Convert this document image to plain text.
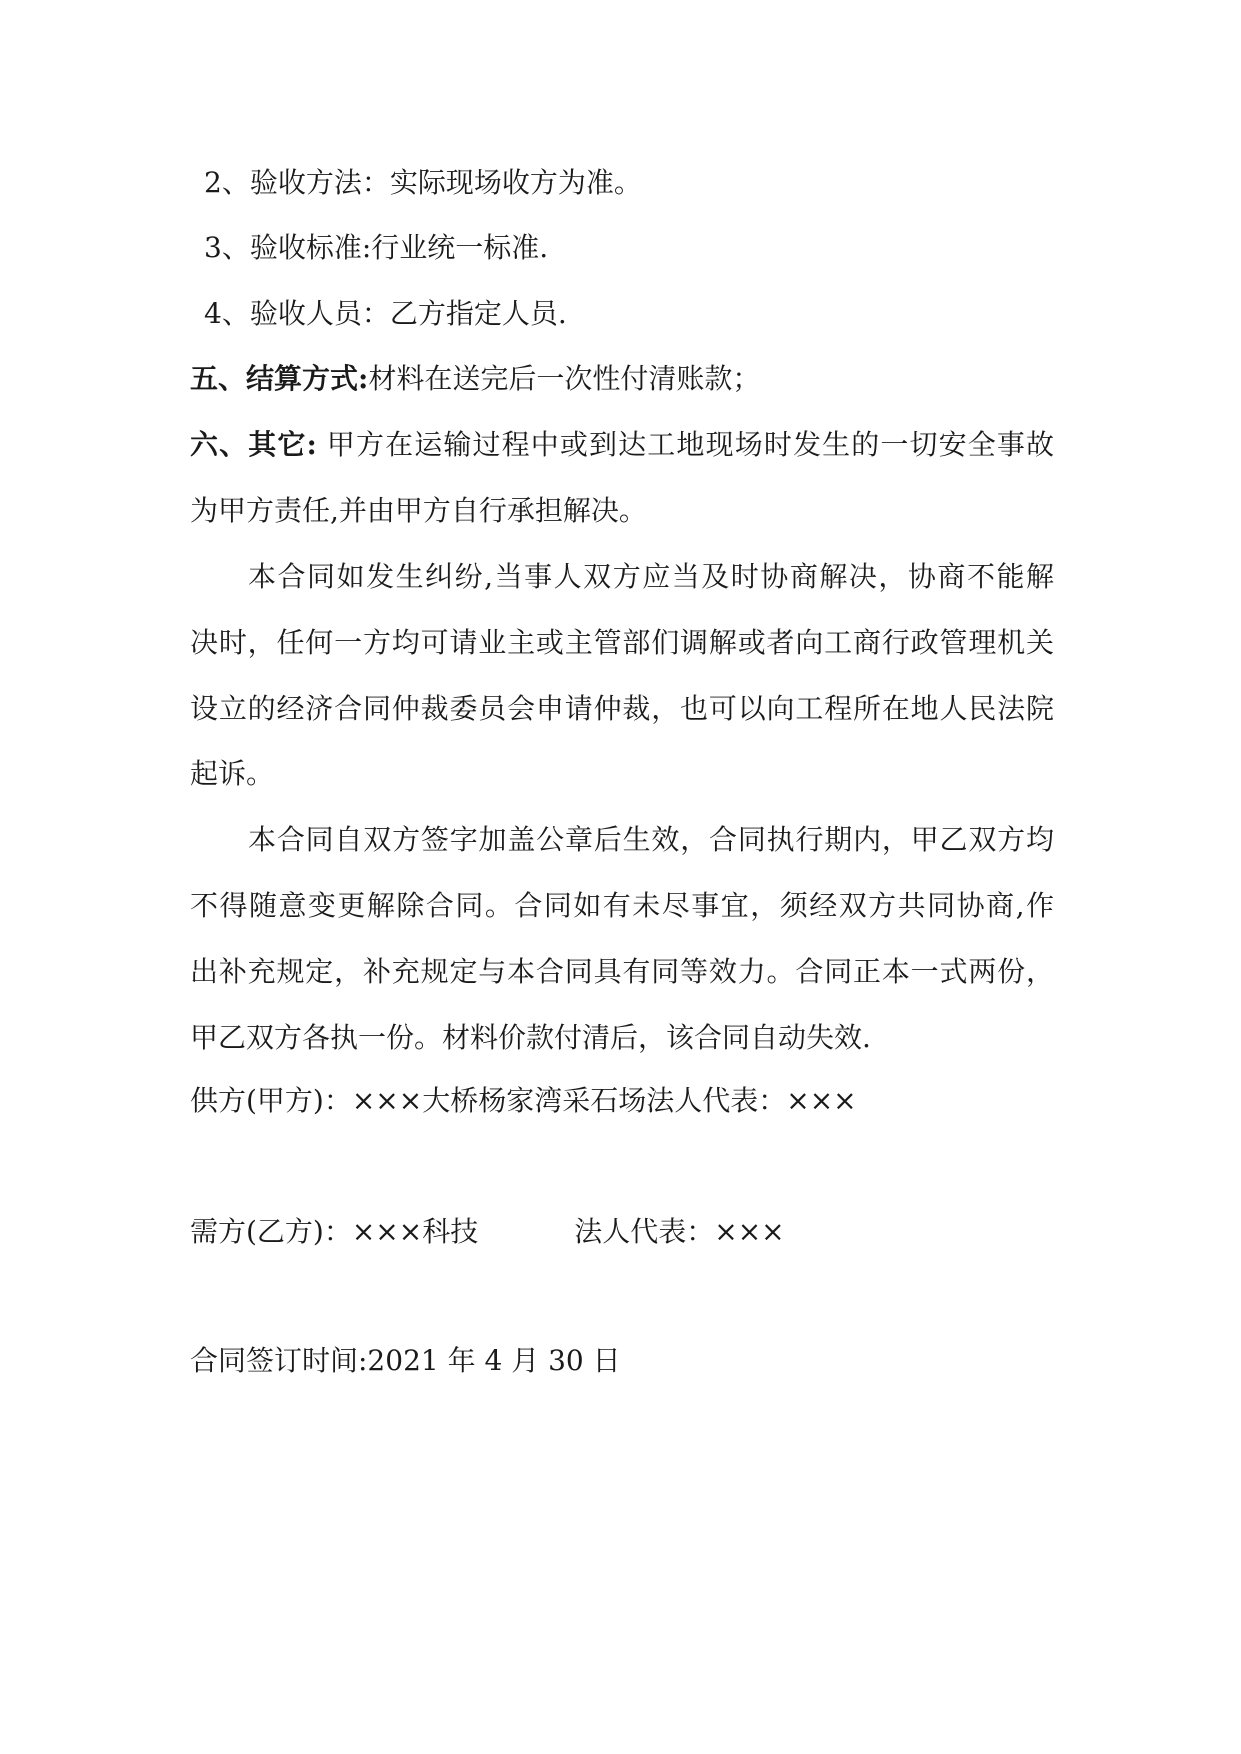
2、验收方法：实际现场收方为准。
3、验收标准:行业统一标准.
4、验收人员：乙方指定人员.
五、结算方式:材料在送完后一次性付清账款；
六、其它: 甲方在运输过程中或到达工地现场时发生的一切安全事故
为甲方责任,并由甲方自行承担解决。
本合同如发生纠纷,当事人双方应当及时协商解决，协商不能解
决时，任何一方均可请业主或主管部们调解或者向工商行政管理机关
设立的经济合同仲裁委员会申请仲裁，也可以向工程所在地人民法院
起诉。
本合同自双方签字加盖公章后生效，合同执行期内，甲乙双方均
不得随意变更解除合同。合同如有未尽事宜，须经双方共同协商,作
出补充规定，补充规定与本合同具有同等效力。合同正本一式两份，
甲乙双方各执一份。材料价款付清后，该合同自动失效.
供方(甲方)：×××大桥杨家湾采石场法人代表：×××
需方(乙方)：×××科技	法人代表：×××
合同签订时间:2021 年 4 月 30 日
